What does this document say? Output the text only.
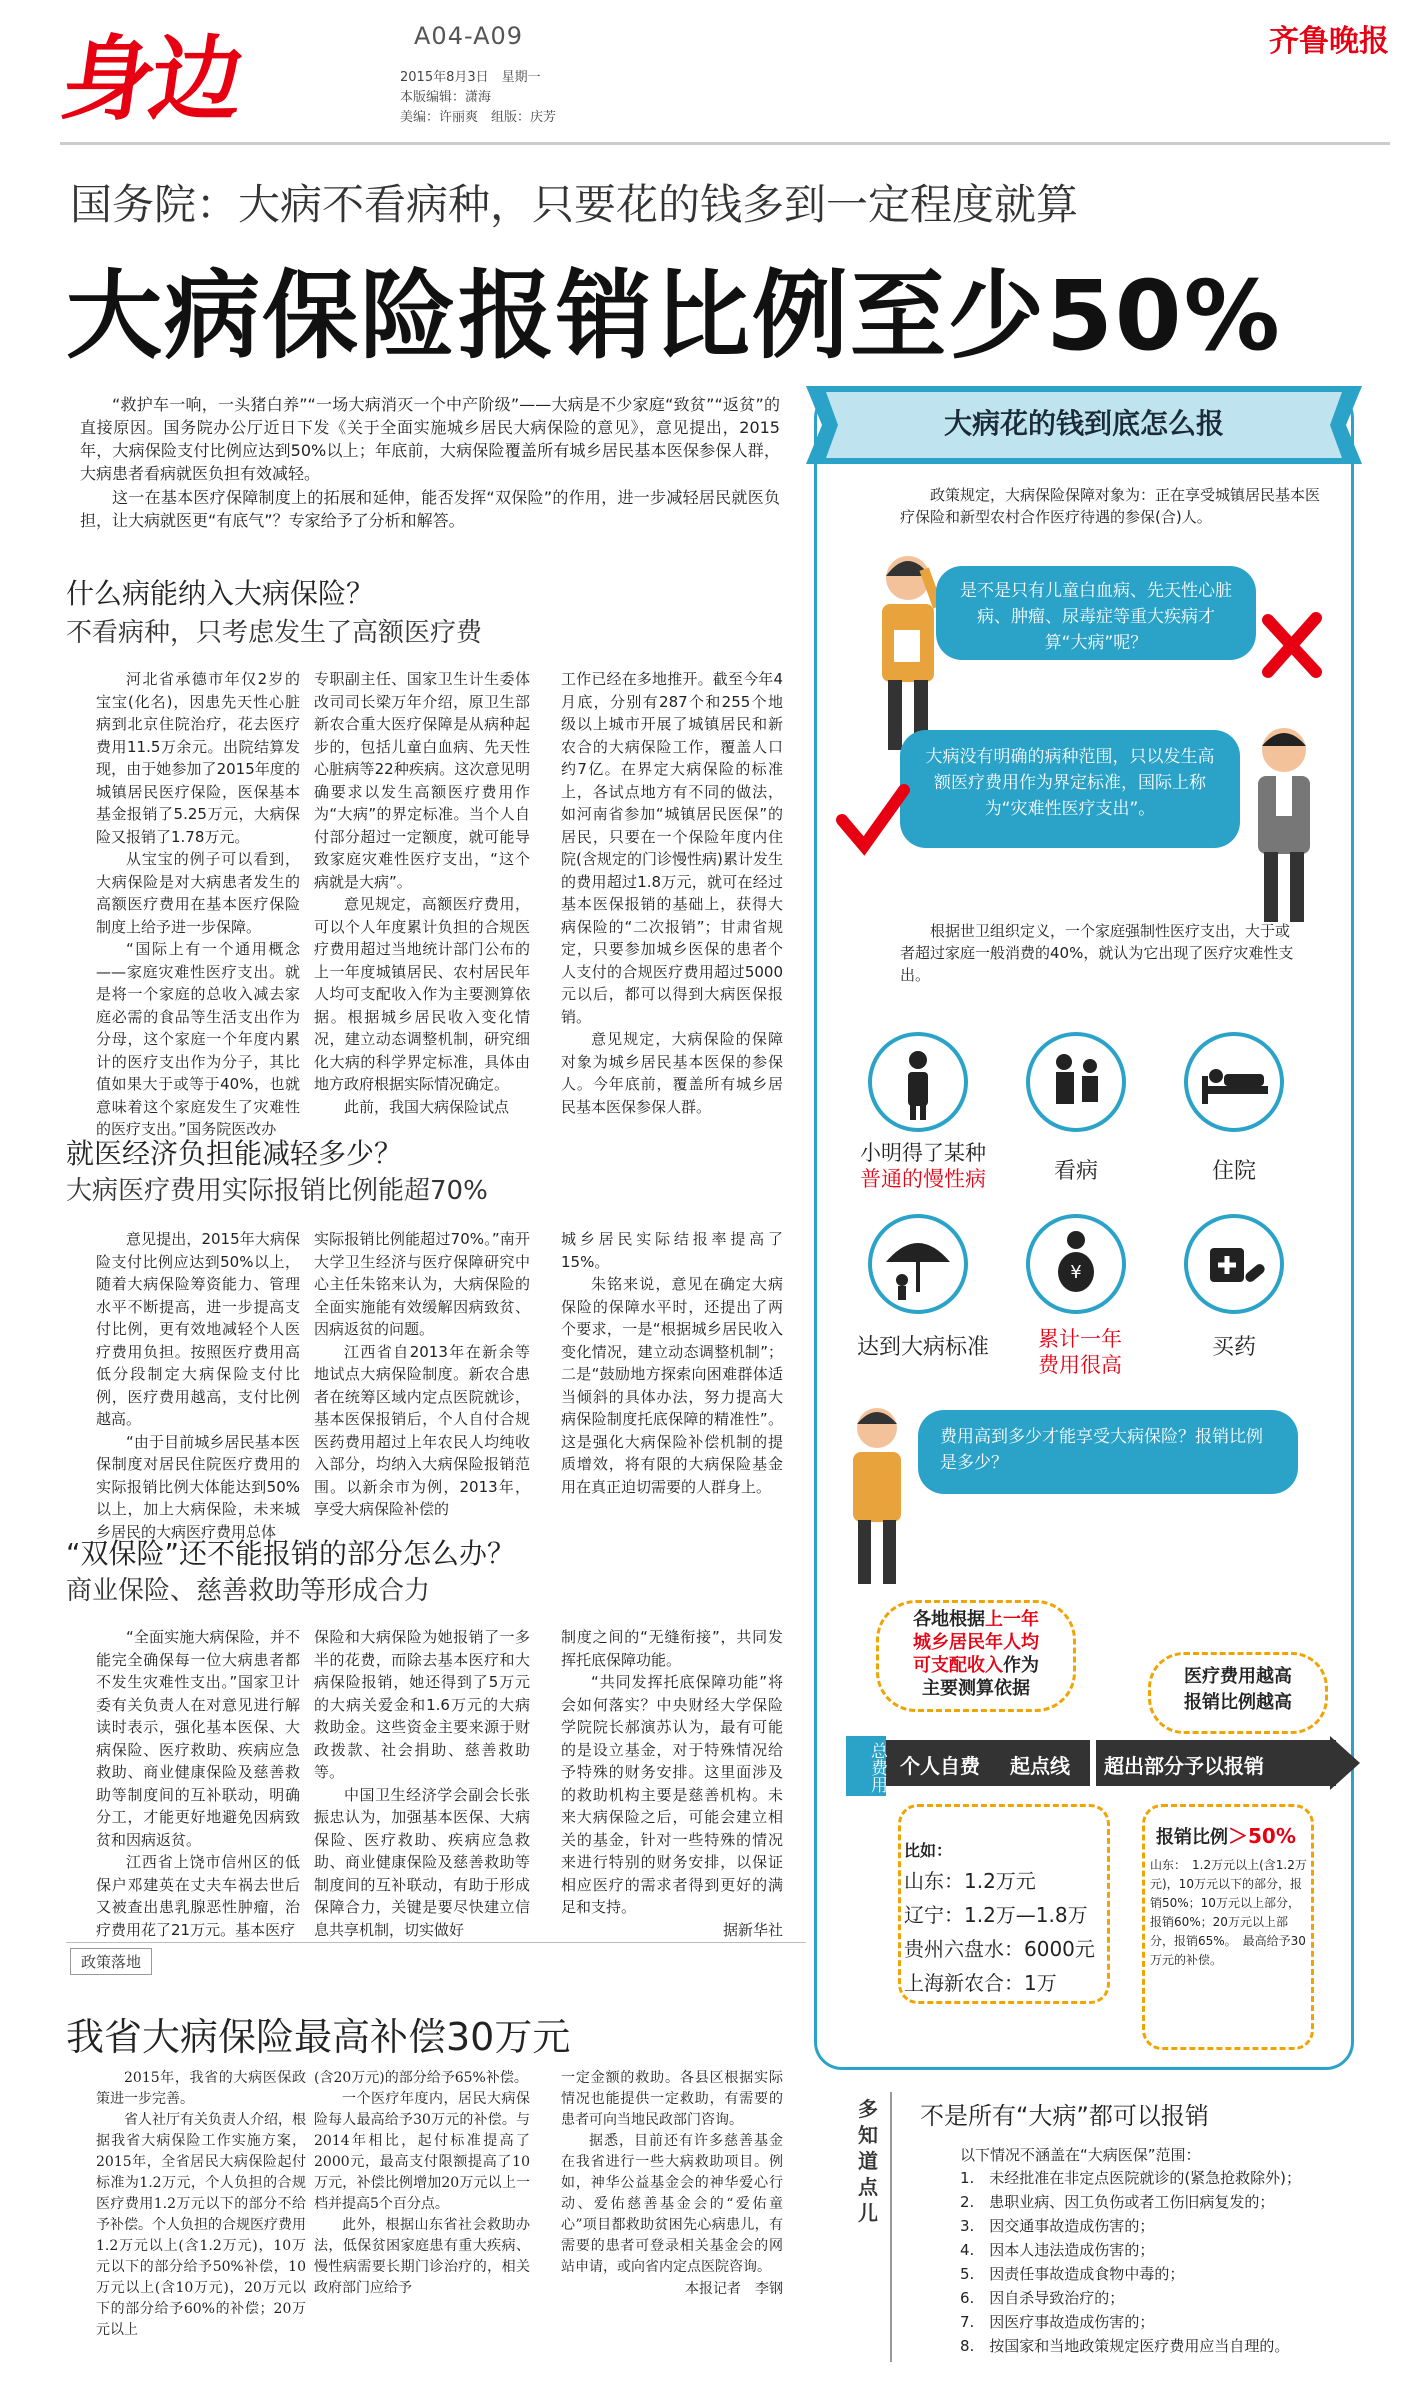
身边	A04-A09
2015年8月3日　星期一
本版编辑：潇海
美编：许丽爽　组版：庆芳
齐鲁晚报
国务院：大病不看病种，只要花的钱多到一定程度就算
大病保险报销比例至少50%
“救护车一响，一头猪白养”“一场大病消灭一个中产阶级”——大病是不少家庭“致贫”“返贫”的直接原因。国务院办公厅近日下发《关于全面实施城乡居民大病保险的意见》，意见提出，2015年，大病保险支付比例应达到50%以上；年底前，大病保险覆盖所有城乡居民基本医保参保人群，大病患者看病就医负担有效减轻。
这一在基本医疗保障制度上的拓展和延伸，能否发挥“双保险”的作用，进一步减轻居民就医负担，让大病就医更“有底气”？专家给予了分析和解答。
什么病能纳入大病保险？
不看病种，只考虑发生了高额医疗费

河北省承德市年仅2岁的宝宝(化名)，因患先天性心脏病到北京住院治疗，花去医疗费用11.5万余元。出院结算发现，由于她参加了2015年度的城镇居民医疗保险，医保基本基金报销了5.25万元，大病保险又报销了1.78万元。

从宝宝的例子可以看到，大病保险是对大病患者发生的高额医疗费用在基本医疗保险制度上给予进一步保障。

“国际上有一个通用概念——家庭灾难性医疗支出。就是将一个家庭的总收入减去家庭必需的食品等生活支出作为分母，这个家庭一个年度内累计的医疗支出作为分子，其比值如果大于或等于40%，也就意味着这个家庭发生了灾难性的医疗支出。”国务院医改办

专职副主任、国家卫生计生委体改司司长梁万年介绍，原卫生部新农合重大医疗保障是从病种起步的，包括儿童白血病、先天性心脏病等22种疾病。这次意见明确要求以发生高额医疗费用作为“大病”的界定标准。当个人自付部分超过一定额度，就可能导致家庭灾难性医疗支出，“这个病就是大病”。

意见规定，高额医疗费用，可以个人年度累计负担的合规医疗费用超过当地统计部门公布的上一年度城镇居民、农村居民年人均可支配收入作为主要测算依据。根据城乡居民收入变化情况，建立动态调整机制，研究细化大病的科学界定标准，具体由地方政府根据实际情况确定。

此前，我国大病保险试点

工作已经在多地推开。截至今年4月底，分别有287个和255个地级以上城市开展了城镇居民和新农合的大病保险工作，覆盖人口约7亿。在界定大病保险的标准上，各试点地方有不同的做法，如河南省参加“城镇居民医保”的居民，只要在一个保险年度内住院(含规定的门诊慢性病)累计发生的费用超过1.8万元，就可在经过基本医保报销的基础上，获得大病保险的“二次报销”；甘肃省规定，只要参加城乡医保的患者个人支付的合规医疗费用超过5000元以后，都可以得到大病医保报销。

意见规定，大病保险的保障对象为城乡居民基本医保的参保人。今年底前，覆盖所有城乡居民基本医保参保人群。

就医经济负担能减轻多少？
大病医疗费用实际报销比例能超70%

意见提出，2015年大病保险支付比例应达到50%以上，随着大病保险筹资能力、管理水平不断提高，进一步提高支付比例，更有效地减轻个人医疗费用负担。按照医疗费用高低分段制定大病保险支付比例，医疗费用越高，支付比例越高。

“由于目前城乡居民基本医保制度对居民住院医疗费用的实际报销比例大体能达到50%以上，加上大病保险，未来城乡居民的大病医疗费用总体

实际报销比例能超过70%。”南开大学卫生经济与医疗保障研究中心主任朱铭来认为，大病保险的全面实施能有效缓解因病致贫、因病返贫的问题。

江西省自2013年在新余等地试点大病保险制度。新农合患者在统筹区域内定点医院就诊，基本医保报销后，个人自付合规医药费用超过上年农民人均纯收入部分，均纳入大病保险报销范围。以新余市为例，2013年，享受大病保险补偿的

城乡居民实际结报率提高了15%。

朱铭来说，意见在确定大病保险的保障水平时，还提出了两个要求，一是“根据城乡居民收入变化情况，建立动态调整机制”；二是“鼓励地方探索向困难群体适当倾斜的具体办法，努力提高大病保险制度托底保障的精准性”。这是强化大病保险补偿机制的提质增效，将有限的大病保险基金用在真正迫切需要的人群身上。

“双保险”还不能报销的部分怎么办？
商业保险、慈善救助等形成合力

“全面实施大病保险，并不能完全确保每一位大病患者都不发生灾难性支出。”国家卫计委有关负责人在对意见进行解读时表示，强化基本医保、大病保险、医疗救助、疾病应急救助、商业健康保险及慈善救助等制度间的互补联动，明确分工，才能更好地避免因病致贫和因病返贫。

江西省上饶市信州区的低保户邓建英在丈夫车祸去世后又被查出患乳腺恶性肿瘤，治疗费用花了21万元。基本医疗

保险和大病保险为她报销了一多半的花费，而除去基本医疗和大病保险报销，她还得到了5万元的大病关爱金和1.6万元的大病救助金。这些资金主要来源于财政拨款、社会捐助、慈善救助等。

中国卫生经济学会副会长张振忠认为，加强基本医保、大病保险、医疗救助、疾病应急救助、商业健康保险及慈善救助等制度间的互补联动，有助于形成保障合力，关键是要尽快建立信息共享机制，切实做好

制度之间的“无缝衔接”，共同发挥托底保障功能。

“共同发挥托底保障功能”将会如何落实？中央财经大学保险学院院长郝演苏认为，最有可能的是设立基金，对于特殊情况给予特殊的财务安排。这里面涉及的救助机构主要是慈善机构。未来大病保险之后，可能会建立相关的基金，针对一些特殊的情况来进行特别的财务安排，以保证相应医疗的需求者得到更好的满足和支持。

据新华社

政策落地
我省大病保险最高补偿30万元

2015年，我省的大病医保政策进一步完善。

省人社厅有关负责人介绍，根据我省大病保险工作实施方案，2015年，全省居民大病保险起付标准为1.2万元，个人负担的合规医疗费用1.2万元以下的部分不给予补偿。个人负担的合规医疗费用1.2万元以上(含1.2万元)，10万元以下的部分给予50%补偿，10万元以上(含10万元)，20万元以下的部分给予60%的补偿；20万元以上

(含20万元)的部分给予65%补偿。

一个医疗年度内，居民大病保险每人最高给予30万元的补偿。与2014年相比，起付标准提高了2000元，最高支付限额提高了10万元，补偿比例增加20万元以上一档并提高5个百分点。

此外，根据山东省社会救助办法，低保贫困家庭患有重大疾病、慢性病需要长期门诊治疗的，相关政府部门应给予

一定金额的救助。各县区根据实际情况也能提供一定救助，有需要的患者可向当地民政部门咨询。

据悉，目前还有许多慈善基金在我省进行一些大病救助项目。例如，神华公益基金会的神华爱心行动、爱佑慈善基金会的“爱佑童心”项目都救助贫困先心病患儿，有需要的患者可登录相关基金会的网站申请，或向省内定点医院咨询。

本报记者　李钢

大病花的钱到底怎么报
政策规定，大病保险保障对象为：正在享受城镇居民基本医疗保险和新型农村合作医疗待遇的参保(合)人。
是不是只有儿童白血病、先天性心脏病、肿瘤、尿毒症等重大疾病才算“大病”呢？
大病没有明确的病种范围，只以发生高额医疗费用作为界定标准，国际上称为“灾难性医疗支出”。
根据世卫组织定义，一个家庭强制性医疗支出，大于或者超过家庭一般消费的40%，就认为它出现了医疗灾难性支出。
小明得了某种
普通的慢性病	看病	住院
¥
达到大病标准	累计一年
费用很高
买药
费用高到多少才能享受大病保险？报销比例是多少？
各地根据上一年
城乡居民年人均
可支配收入作为
主要测算依据
医疗费用越高
报销比例越高
总费用 个人自费 起点线 超出部分予以报销
比如：
山东：1.2万元
辽宁：1.2万—1.8万
贵州六盘水：6000元
上海新农合：1万
报销比例＞50%
山东：　1.2万元以上(含1.2万元)，10万元以下的部分，报销50%；10万元以上部分，报销60%；20万元以上部分，报销65%。　最高给予30万元的补偿。
多知道点儿
不是所有“大病”都可以报销
以下情况不涵盖在“大病医保”范围：
1.　未经批准在非定点医院就诊的(紧急抢救除外)；
2.　患职业病、因工负伤或者工伤旧病复发的；
3.　因交通事故造成伤害的；
4.　因本人违法造成伤害的；
5.　因责任事故造成食物中毒的；
6.　因自杀导致治疗的；
7.　因医疗事故造成伤害的；
8.　按国家和当地政策规定医疗费用应当自理的。
